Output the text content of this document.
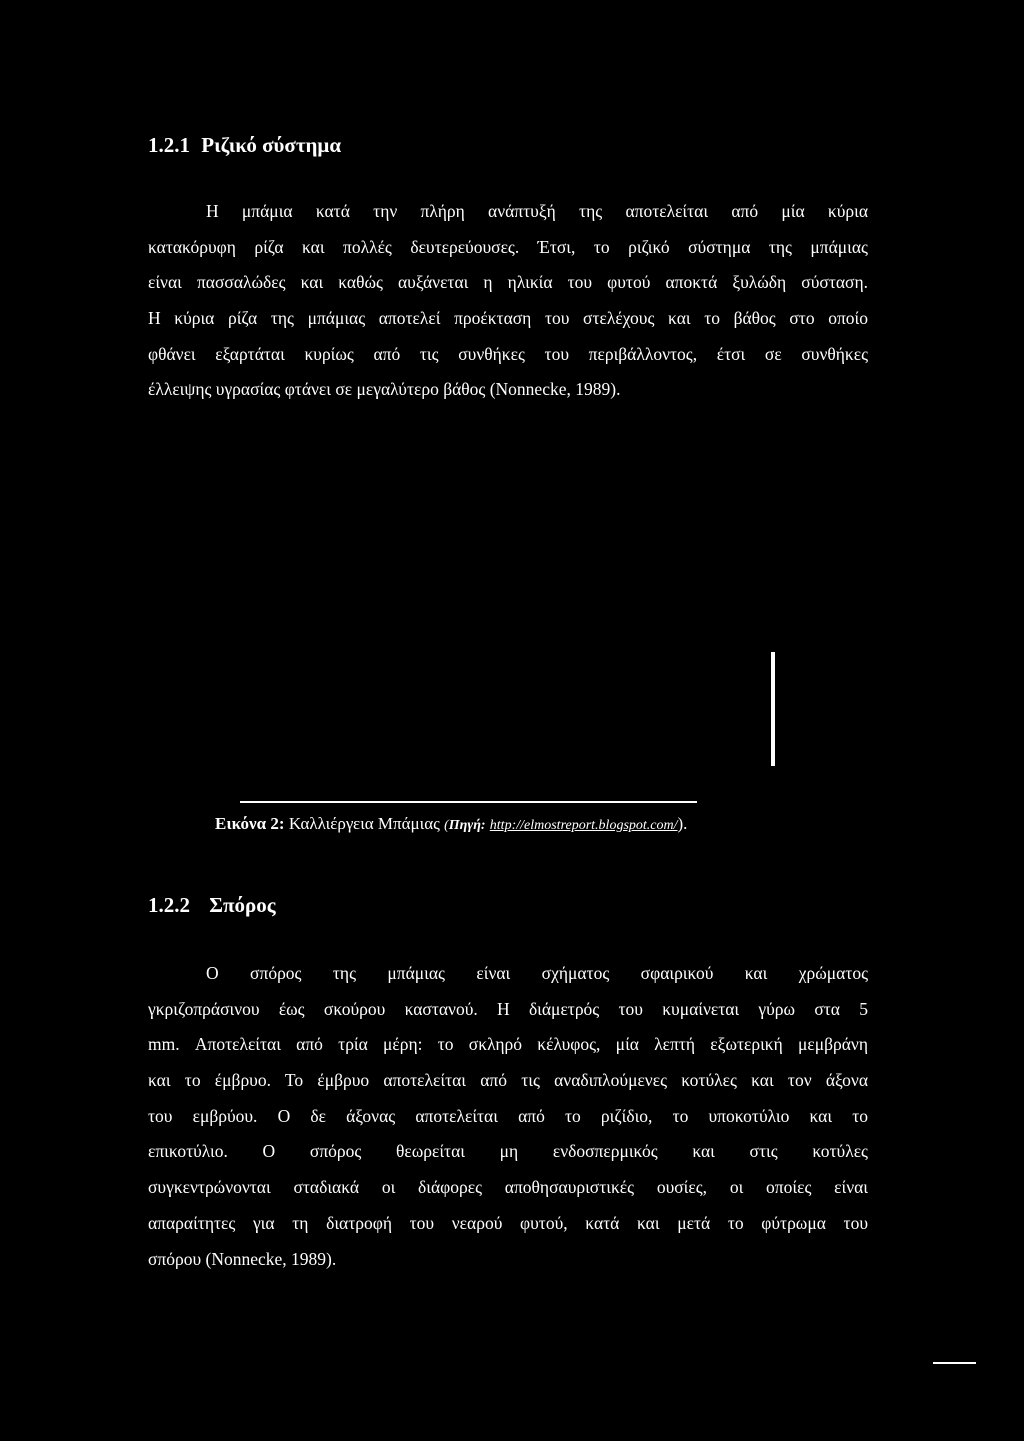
1.2.1 Ριζικό σύστημα
Η μπάμια κατά την πλήρη ανάπτυξή της αποτελείται από μία κύρια
κατακόρυφη ρίζα και πολλές δευτερεύουσες. Έτσι, το ριζικό σύστημα της μπάμιας
είναι πασσαλώδες και καθώς αυξάνεται η ηλικία του φυτού αποκτά ξυλώδη σύσταση.
Η κύρια ρίζα της μπάμιας αποτελεί προέκταση του στελέχους και το βάθος στο οποίο
φθάνει εξαρτάται κυρίως από τις συνθήκες του περιβάλλοντος, έτσι σε συνθήκες
έλλειψης υγρασίας φτάνει σε μεγαλύτερο βάθος (Nonnecke, 1989).
Εικόνα 2: Καλλιέργεια Μπάμιας (Πηγή: http://elmostreport.blogspot.com/).
1.2.2 Σπόρος
Ο σπόρος της μπάμιας είναι σχήματος σφαιρικού και χρώματος
γκριζοπράσινου έως σκούρου καστανού. Η διάμετρός του κυμαίνεται γύρω στα 5
mm. Αποτελείται από τρία μέρη: το σκληρό κέλυφος, μία λεπτή εξωτερική μεμβράνη
και το έμβρυο. Το έμβρυο αποτελείται από τις αναδιπλούμενες κοτύλες και τον άξονα
του εμβρύου. Ο δε άξονας αποτελείται από το ριζίδιο, το υποκοτύλιο και το
επικοτύλιο. Ο σπόρος θεωρείται μη ενδοσπερμικός και στις κοτύλες
συγκεντρώνονται σταδιακά οι διάφορες αποθησαυριστικές ουσίες, οι οποίες είναι
απαραίτητες για τη διατροφή του νεαρού φυτού, κατά και μετά το φύτρωμα του
σπόρου (Nonnecke, 1989).
